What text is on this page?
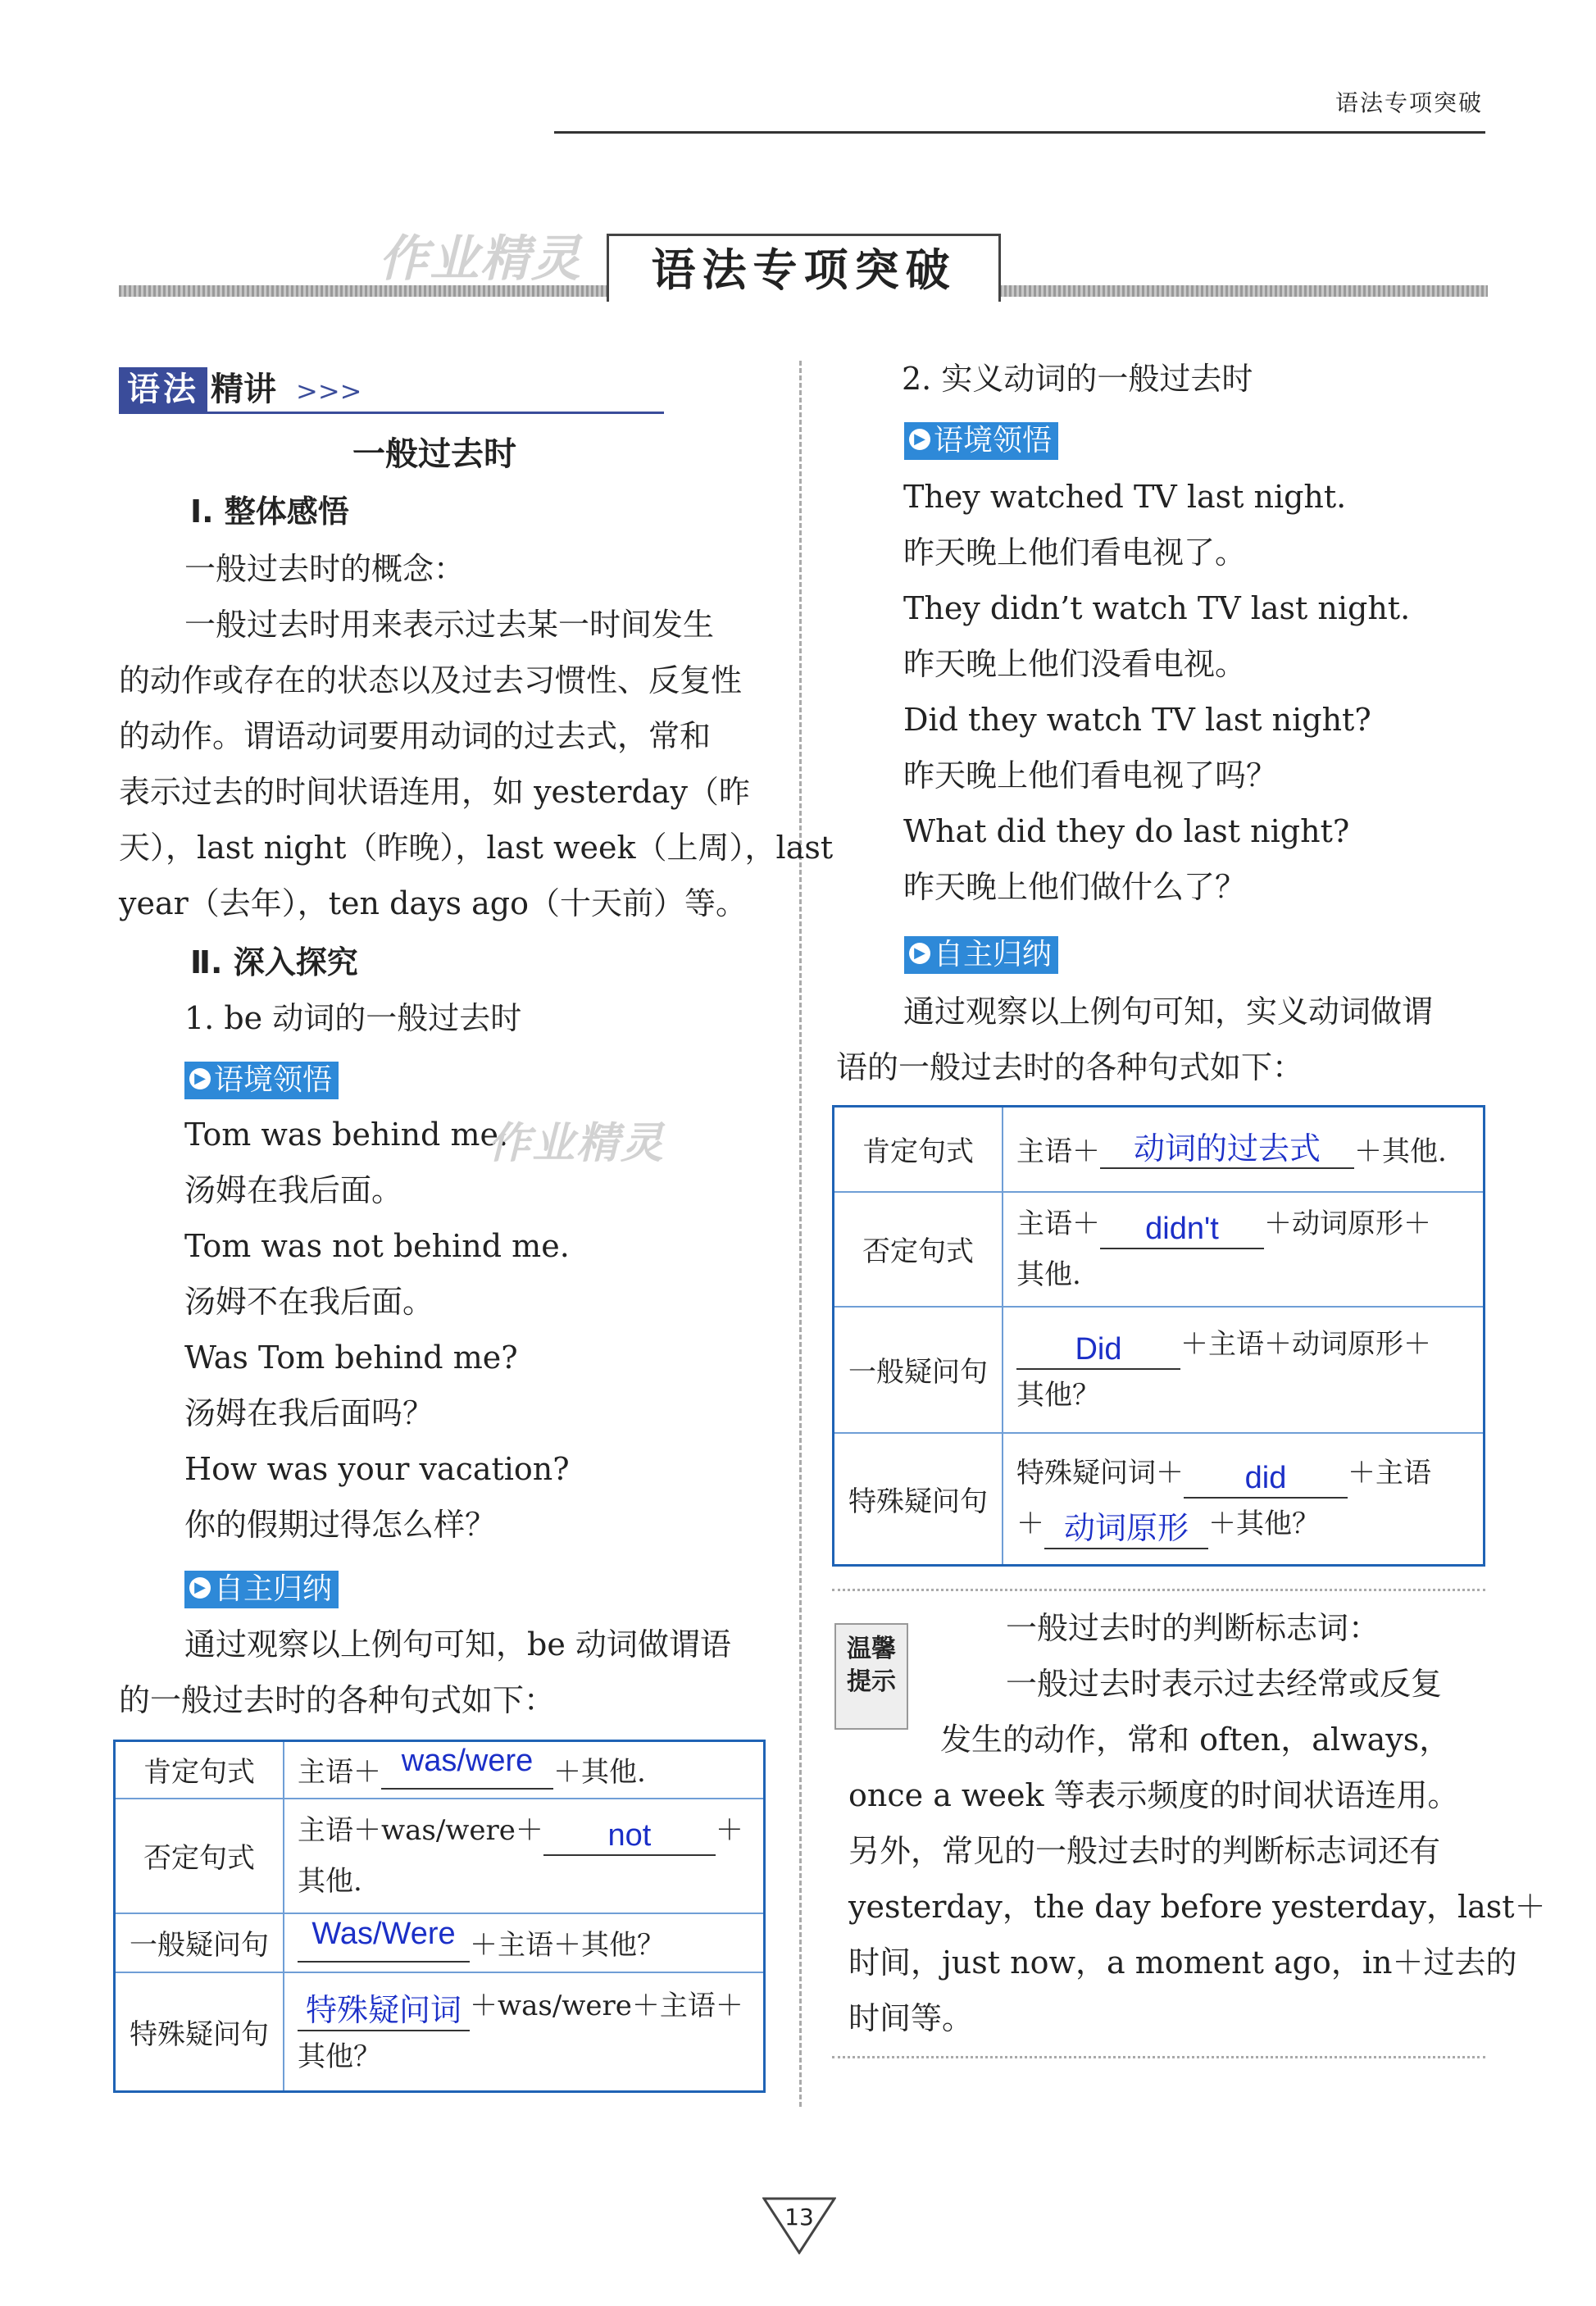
语法专项突破
作业精灵	语法专项突破
语法 精讲 >>>
一般过去时
Ⅰ. 整体感悟
一般过去时的概念：
一般过去时用来表示过去某一时间发生
的动作或存在的状态以及过去习惯性、反复性
的动作。谓语动词要用动词的过去式，常和
表示过去的时间状语连用，如 yesterday（昨
天），last night（昨晚），last week（上周），last
year（去年），ten days ago（十天前）等。
Ⅱ. 深入探究
1. be 动词的一般过去时
▶ 语境领悟
Tom was behind me.
汤姆在我后面。
Tom was not behind me.
汤姆不在我后面。
Was Tom behind me?
汤姆在我后面吗？
How was your vacation?
你的假期过得怎么样？
作业精灵
▶ 自主归纳
通过观察以上例句可知，be 动词做谓语
的一般过去时的各种句式如下：
肯定句式	主语＋ was/were ＋其他.
否定句式	主语＋was/were＋ not ＋
其他.
一般疑问句	Was/Were ＋主语＋其他？
特殊疑问句	特殊疑问词 ＋was/were＋主语＋
其他？
2. 实义动词的一般过去时
▶ 语境领悟
They watched TV last night.
昨天晚上他们看电视了。
They didn’t watch TV last night.
昨天晚上他们没看电视。
Did they watch TV last night?
昨天晚上他们看电视了吗？
What did they do last night?
昨天晚上他们做什么了？
▶ 自主归纳
通过观察以上例句可知，实义动词做谓
语的一般过去时的各种句式如下：
肯定句式	主语＋ 动词的过去式 ＋其他.
否定句式	主语＋ didn't ＋动词原形＋
其他.
一般疑问句	Did ＋主语＋动词原形＋
其他？
特殊疑问句	特殊疑问词＋ did ＋主语
＋ 动词原形 ＋其他？
温馨
提示
一般过去时的判断标志词：
一般过去时表示过去经常或反复
发生的动作，常和 often，always，
once a week 等表示频度的时间状语连用。
另外，常见的一般过去时的判断标志词还有
yesterday，the day before yesterday，last＋
时间，just now，a moment ago，in＋过去的
时间等。
13
